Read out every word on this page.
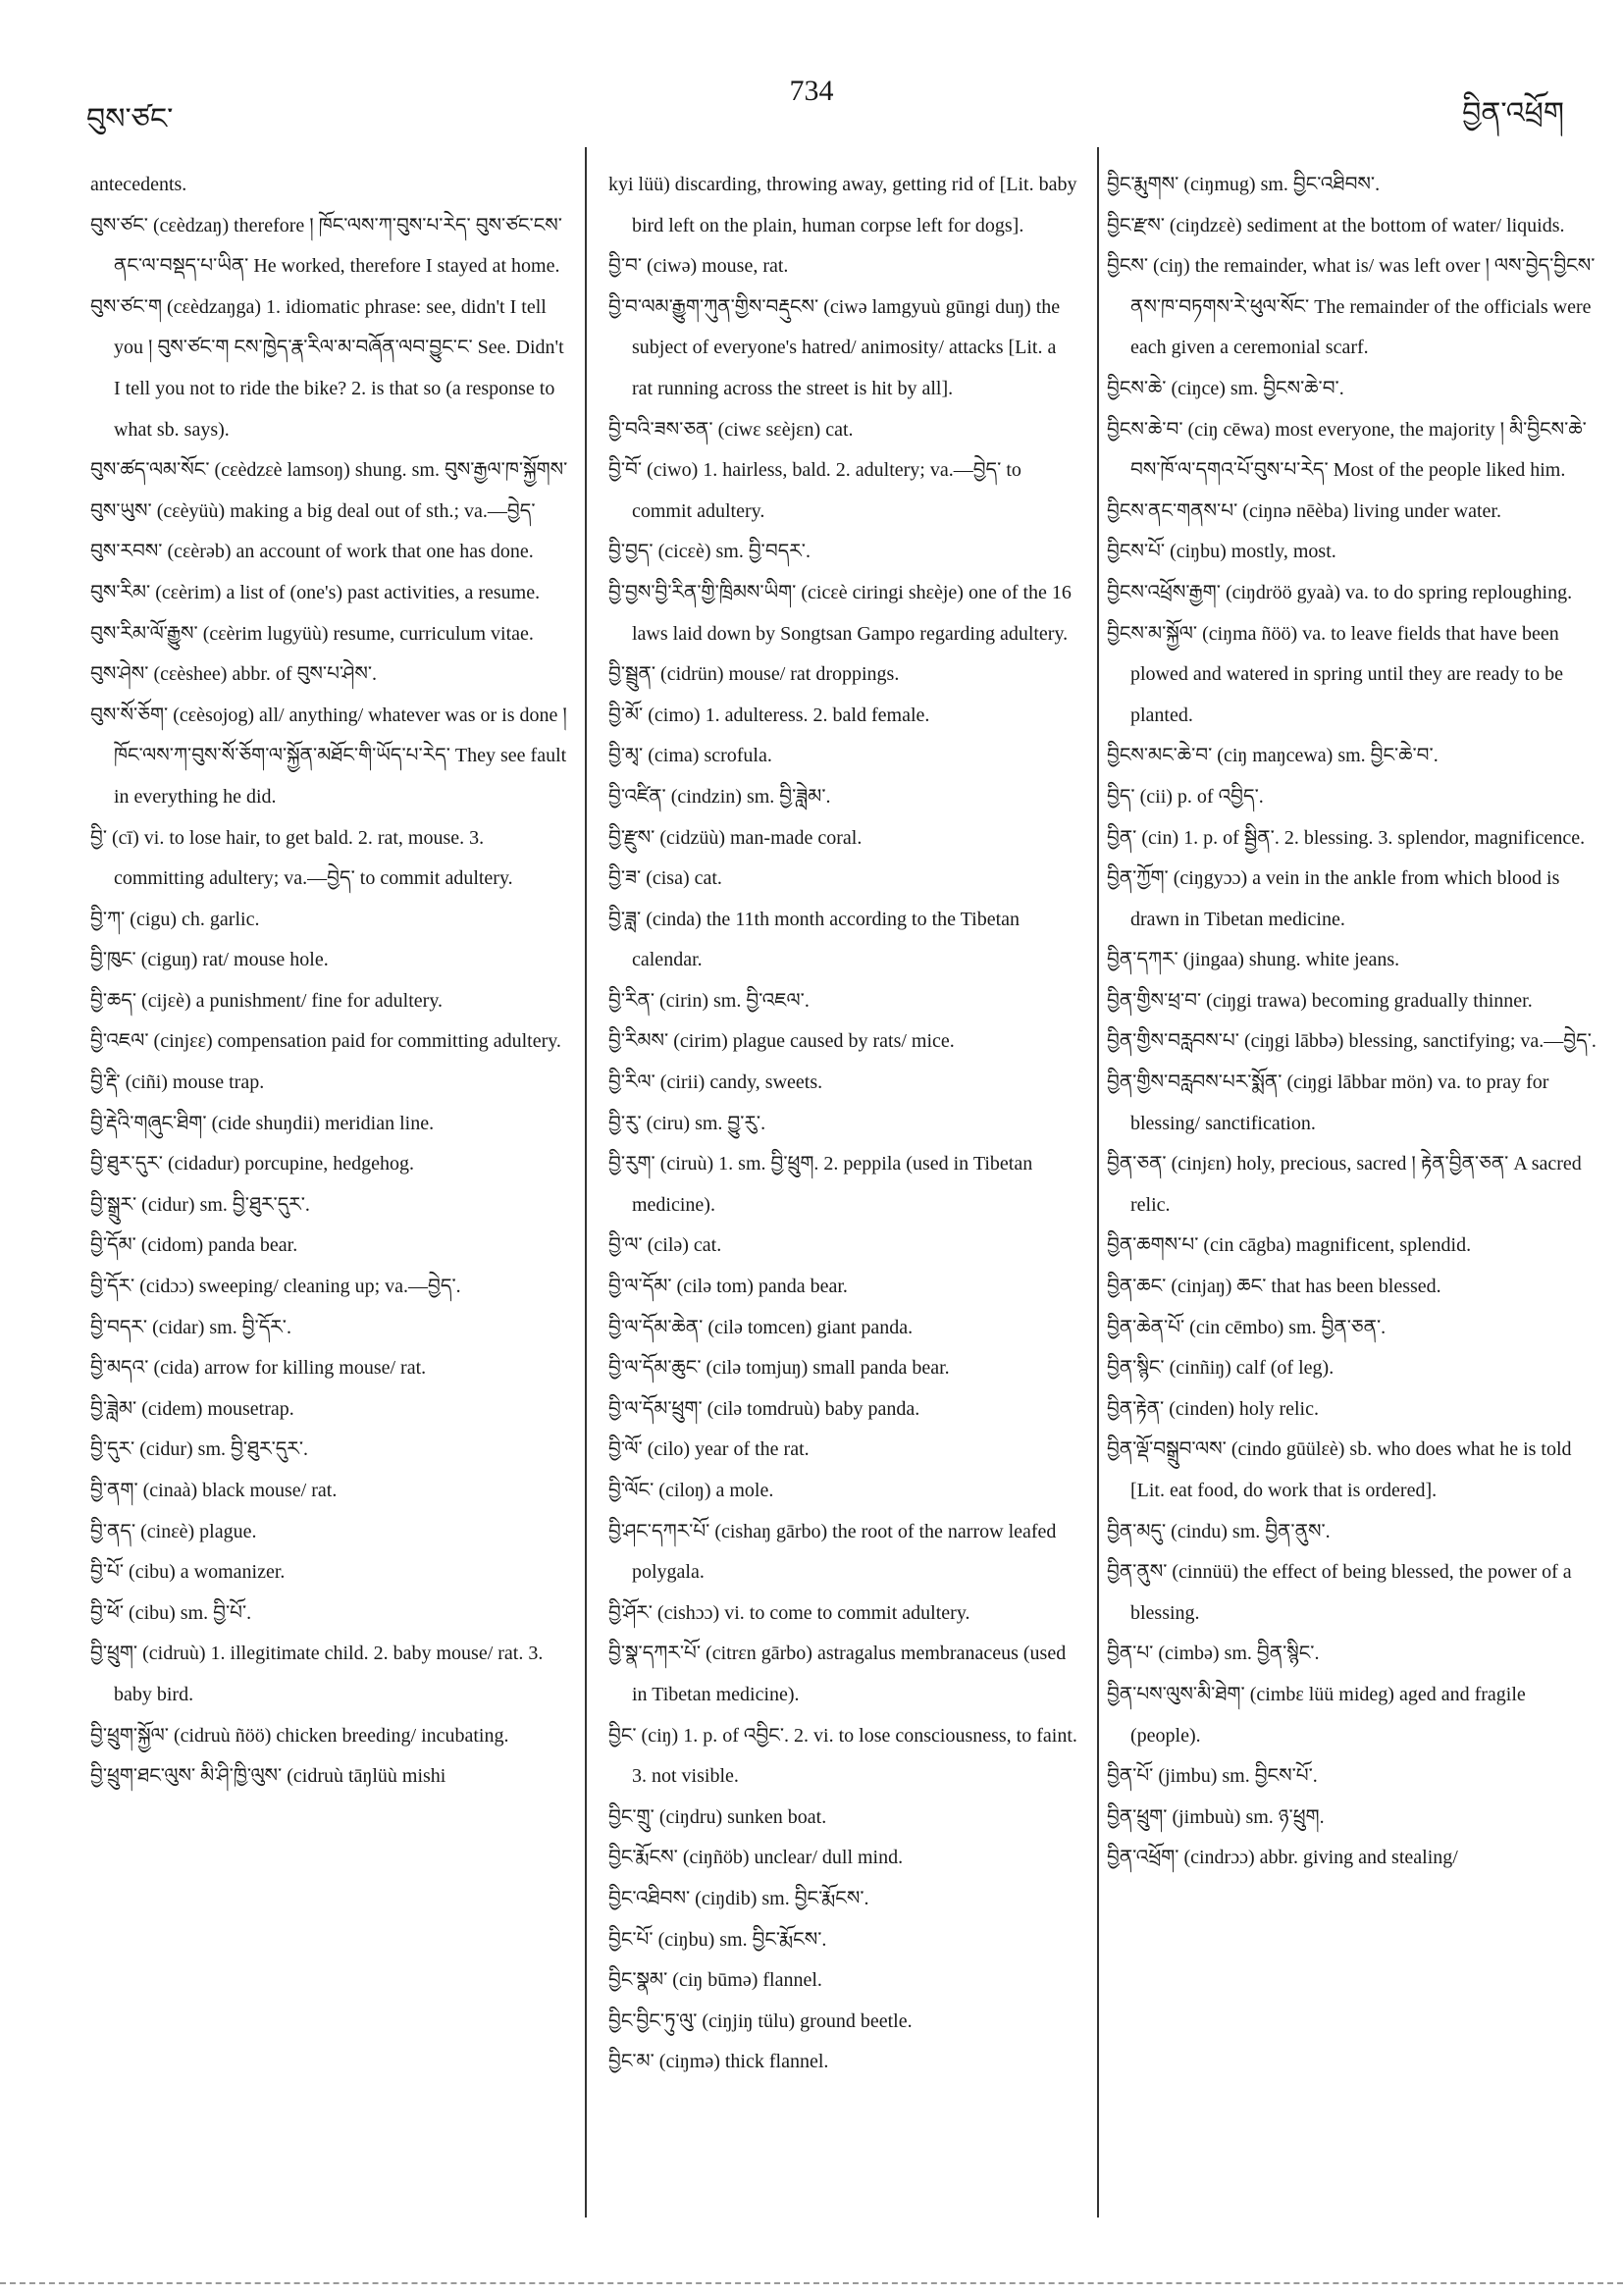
བུས་ཙང་
734
བྱིན་འཕྲོག

antecedents.

བུས་ཙང་ (cɛèdzaŋ) therefore ། ཁོང་ལས་ཀ་བུས་པ་རེད་ བུས་ཙང་ངས་ནང་ལ་བསྡད་པ་ཡིན་ He worked, therefore I stayed at home.

བུས་ཙང་ག (cɛèdzaŋga) 1. idiomatic phrase: see, didn't I tell you ། བུས་ཙང་ག ངས་ཁྱེད་རྣ་རིལ་མ་བཞོན་ལབ་བྱུང་ང་ See. Didn't I tell you not to ride the bike? 2. is that so (a response to what sb. says).

བུས་ཚད་ལམ་སོང་ (cɛèdzɛè lamsoŋ) shung. sm. བུས་རྒྱལ་ཁ་སྐྱོགས་

བུས་ཡུས་ (cɛèyüù) making a big deal out of sth.; va.—བྱེད་

བུས་རབས་ (cɛèrəb) an account of work that one has done.

བུས་རིམ་ (cɛèrim) a list of (one's) past activities, a resume.

བུས་རིམ་ལོ་རྒྱུས་ (cɛèrim lugyüù) resume, curriculum vitae.

བུས་ཤེས་ (cɛèshee) abbr. of བུས་པ་ཤེས་.

བུས་སོ་ཅོག་ (cɛèsojog) all/ anything/ whatever was or is done ། ཁོང་ལས་ཀ་བུས་སོ་ཅོག་ལ་སྐྱོན་མཐོང་གི་ཡོད་པ་རེད་ They see fault in everything he did.

བྱི་ (cī) vi. to lose hair, to get bald. 2. rat, mouse. 3. committing adultery; va.—བྱེད་ to commit adultery.

བྱི་ཀ་ (cigu) ch. garlic.

བྱི་ཁུང་ (ciguŋ) rat/ mouse hole.

བྱི་ཆད་ (cijɛè) a punishment/ fine for adultery.

བྱི་འཇལ་ (cinjɛɛ) compensation paid for committing adultery.

བྱི་རྡི་ (ciñi) mouse trap.

བྱི་རྡེའི་གཞུང་ཐིག་ (cide shuŋdii) meridian line.

བྱི་ཐུར་དུར་ (cidadur) porcupine, hedgehog.

བྱི་སྒྲུར་ (cidur) sm. བྱི་ཐུར་དུར་.

བྱི་དོམ་ (cidom) panda bear.

བྱི་དོར་ (cidɔɔ) sweeping/ cleaning up; va.—བྱེད་.

བྱི་བདར་ (cidar) sm. བྱི་དོར་.

བྱི་མདའ་ (cida) arrow for killing mouse/ rat.

བྱི་ཟླེམ་ (cidem) mousetrap.

བྱི་དུར་ (cidur) sm. བྱི་ཐུར་དུར་.

བྱི་ནག་ (cinaà) black mouse/ rat.

བྱི་ནད་ (cinɛè) plague.

བྱི་པོ་ (cibu) a womanizer.

བྱི་ཕོ་ (cibu) sm. བྱི་པོ་.

བྱི་ཕྲུག་ (cidruù) 1. illegitimate child. 2. baby mouse/ rat. 3. baby bird.

བྱི་ཕྲུག་སྐྱོལ་ (cidruù ñöö) chicken breeding/ incubating.

བྱི་ཕྲུག་ཐང་ལུས་ མི་ཤི་ཁྱི་ལུས་ (cidruù tāŋlüù mishi

kyi lüü) discarding, throwing away, getting rid of [Lit. baby bird left on the plain, human corpse left for dogs].

བྱི་བ་ (ciwə) mouse, rat.

བྱི་བ་ལམ་རྒྱུག་ཀུན་གྱིས་བརྡུངས་ (ciwə lamgyuù gūngi duŋ) the subject of everyone's hatred/ animosity/ attacks [Lit. a rat running across the street is hit by all].

བྱི་བའི་ཟས་ཅན་ (ciwɛ sɛèjɛn) cat.

བྱི་བོ་ (ciwo) 1. hairless, bald. 2. adultery; va.—བྱེད་ to commit adultery.

བྱི་བྱད་ (cicɛè) sm. བྱི་བདར་.

བྱི་བྱས་བྱི་རིན་གྱི་ཁྲིམས་ཡིག་ (cicɛè ciringi shɛèje) one of the 16 laws laid down by Songtsan Gampo regarding adultery.

བྱི་སྦྲུན་ (cidrün) mouse/ rat droppings.

བྱི་མོ་ (cimo) 1. adulteress. 2. bald female.

བྱི་མྭ་ (cima) scrofula.

བྱི་འཛིན་ (cindzin) sm. བྱི་ཟླེམ་.

བྱི་རྫུས་ (cidzüù) man-made coral.

བྱི་ཟ་ (cisa) cat.

བྱི་ཟླ་ (cinda) the 11th month according to the Tibetan calendar.

བྱི་རིན་ (cirin) sm. བྱི་འཇལ་.

བྱི་རིམས་ (cirim) plague caused by rats/ mice.

བྱི་རིལ་ (cirii) candy, sweets.

བྱི་རུ་ (ciru) sm. བྱུ་རུ་.

བྱི་རུག་ (ciruù) 1. sm. བྱི་ཕྲུག. 2. peppila (used in Tibetan medicine).

བྱི་ལ་ (cilə) cat.

བྱི་ལ་དོམ་ (cilə tom) panda bear.

བྱི་ལ་དོམ་ཆེན་ (cilə tomcen) giant panda.

བྱི་ལ་དོམ་ཆུང་ (cilə tomjuŋ) small panda bear.

བྱི་ལ་དོམ་ཕྲུག་ (cilə tomdruù) baby panda.

བྱི་ལོ་ (cilo) year of the rat.

བྱི་ལོང་ (ciloŋ) a mole.

བྱི་ཤང་དཀར་པོ་ (cishaŋ gārbo) the root of the narrow leafed polygala.

བྱི་ཤོར་ (cishɔɔ) vi. to come to commit adultery.

བྱི་སྣ་དཀར་པོ་ (citrɛn gārbo) astragalus membranaceus (used in Tibetan medicine).

བྱིང་ (ciŋ) 1. p. of འབྱིང་. 2. vi. to lose consciousness, to faint. 3. not visible.

བྱིང་གྲུ་ (ciŋdru) sunken boat.

བྱིང་རྨོངས་ (ciŋñöb) unclear/ dull mind.

བྱིང་འཐིབས་ (ciŋdib) sm. བྱིང་རྨོངས་.

བྱིང་པོ་ (ciŋbu) sm. བྱིང་རྨོངས་.

བྱིང་སྣམ་ (ciŋ būmə) flannel.

བྱིང་བྱིང་ཏུ་ལུ་ (ciŋjiŋ tülu) ground beetle.

བྱིང་མ་ (ciŋmə) thick flannel.

བྱིང་རྨུགས་ (ciŋmug) sm. བྱིང་འཐིབས་.

བྱིང་རྫས་ (ciŋdzɛè) sediment at the bottom of water/ liquids.

བྱིངས་ (ciŋ) the remainder, what is/ was left over ། ལས་བྱེད་བྱིངས་ནས་ཁ་བཏགས་རེ་ཕུལ་སོང་ The remainder of the officials were each given a ceremonial scarf.

བྱིངས་ཆེ་ (ciŋce) sm. བྱིངས་ཆེ་བ་.

བྱིངས་ཆེ་བ་ (ciŋ cēwa) most everyone, the majority ། མི་བྱིངས་ཆེ་བས་ཁོ་ལ་དགའ་པོ་བུས་པ་རེད་ Most of the people liked him.

བྱིངས་ནང་གནས་པ་ (ciŋnə nēèba) living under water.

བྱིངས་པོ་ (ciŋbu) mostly, most.

བྱིངས་འཕྲོས་རྒྱག་ (ciŋdröö gyaà) va. to do spring reploughing.

བྱིངས་མ་སྐྱོལ་ (ciŋma ñöö) va. to leave fields that have been plowed and watered in spring until they are ready to be planted.

བྱིངས་མང་ཆེ་བ་ (ciŋ maŋcewa) sm. བྱིང་ཆེ་བ་.

བྱིད་ (cii) p. of འབྱིད་.

བྱིན་ (cin) 1. p. of སྦྱིན་. 2. blessing. 3. splendor, magnificence.

བྱིན་ཀྱོག་ (ciŋgyɔɔ) a vein in the ankle from which blood is drawn in Tibetan medicine.

བྱིན་དཀར་ (jingaa) shung. white jeans.

བྱིན་གྱིས་ཕྲ་བ་ (ciŋgi trawa) becoming gradually thinner.

བྱིན་གྱིས་བརླབས་པ་ (ciŋgi lābbə) blessing, sanctifying; va.—བྱེད་.

བྱིན་གྱིས་བརླབས་པར་སྨོན་ (ciŋgi lābbar mön) va. to pray for blessing/ sanctification.

བྱིན་ཅན་ (cinjɛn) holy, precious, sacred ། རྟེན་བྱིན་ཅན་ A sacred relic.

བྱིན་ཆགས་པ་ (cin cāgba) magnificent, splendid.

བྱིན་ཆང་ (cinjaŋ) ཆང་ that has been blessed.

བྱིན་ཆེན་པོ་ (cin cēmbo) sm. བྱིན་ཅན་.

བྱིན་སྙིང་ (cinñiŋ) calf (of leg).

བྱིན་རྟེན་ (cinden) holy relic.

བྱིན་ལྡོ་བསྒྲུབ་ལས་ (cindo gūülɛè) sb. who does what he is told [Lit. eat food, do work that is ordered].

བྱིན་མདུ་ (cindu) sm. བྱིན་ནུས་.

བྱིན་ནུས་ (cinnüü) the effect of being blessed, the power of a blessing.

བྱིན་པ་ (cimbə) sm. བྱིན་སྙིང་.

བྱིན་པས་ལུས་མི་ཐེག་ (cimbɛ lüü mideg) aged and fragile (people).

བྱིན་པོ་ (jimbu) sm. བྱིངས་པོ་.

བྱིན་ཕྲུག་ (jimbuù) sm. ཉ་ཕྲུག.

བྱིན་འཕྲོག་ (cindrɔɔ) abbr. giving and stealing/
